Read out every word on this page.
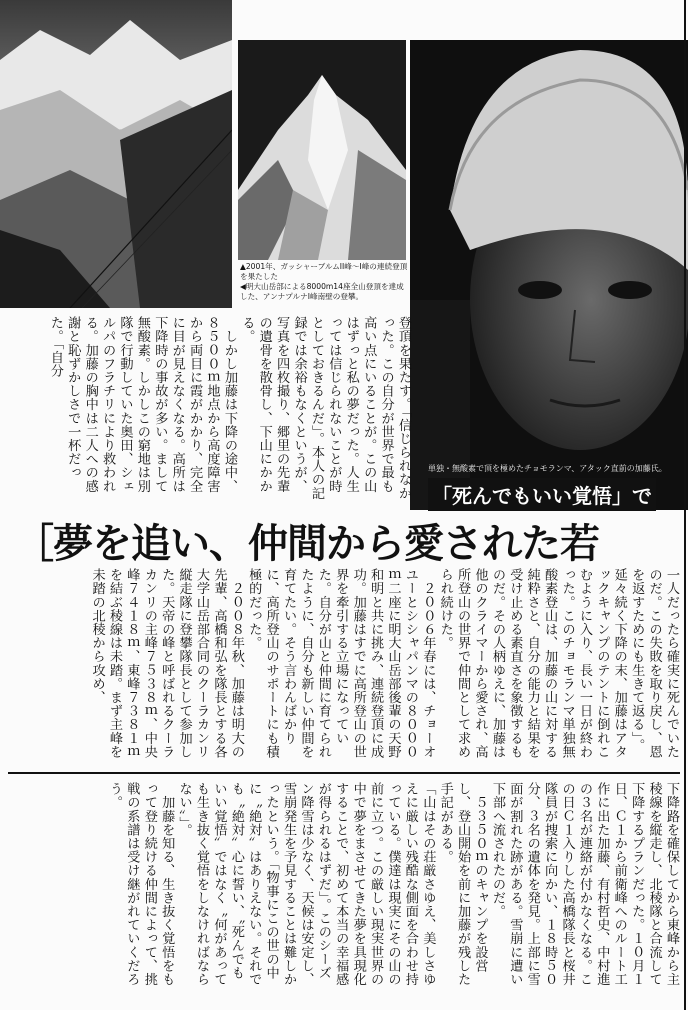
▲2001年、ガッシャーブルムII峰〜I峰の連続登頂を果たした
◀明大山岳部による8000m14座全山登頂を達成した、アンナプルナI峰南壁の登攀。
単独・無酸素で頂を極めたチョモランマ、アタック直前の加藤氏。
「死んでもいい覚悟」で
［夢を追い、仲間から愛された若
登頂を果たす。「信じられなかった。この自分が世界で最も高い点にいることが。この山はずっと私の夢だった。人生っては信じられないことが時としておきるんだ」。本人の記録では余裕もなくというが、写真を四枚撮り、郷里の先輩の遺骨を散骨し、下山にかかる。
　しかし加藤は下降の途中、８５００ｍ地点から高度障害から両目に霞がかかり、完全に目が見えなくなる。高所は下降時の事故が多い。まして無酸素。しかしこの窮地は別隊で行動していた奥田、シェルパのフラチリにより救われる。加藤の胸中は二人への感謝と恥ずかしさで一杯だった。「自分
一人だったら確実に死んでいたのだ。この失敗を取り戻し、恩を返すためにも生きて返る」。延々続く下降の末、加藤はアタックキャンプのテントに倒れこむように入り、長い一日が終わった。このチョモランマ単独無酸素登山は、加藤の山に対する純粋さと、自分の能力と結果を受け止める素直さを象徴するものだ。その人柄ゆえに、加藤は他のクライマーから愛され、高所登山の世界で仲間として求められ続けた。
　２００６年春には、チョーオユーとシシャパンマの８０００ｍ二座に明大山岳部後輩の天野和明と共に挑み、連続登頂に成功。加藤はすでに高所登山の世界を牽引する立場になっていた。自分が山と仲間に育てられたように、自分も新しい仲間を育てたい。そう言わんばかりに、高所登山のサポートにも積極的だった。
　２００８年秋、加藤は明大の先輩、高橋和弘を隊長とする各大学山岳部合同のクーラカンリ縦走隊に登攀隊長として参加した。天帝の峰と呼ばれるクーラカンリの主峰７５３８ｍ、中央峰７４１８ｍ、東峰７３８１ｍを結ぶ稜線は未踏。まず主峰を未踏の北稜から攻め、
下降路を確保してから東峰から主稜線を縦走し、北稜隊と合流して下降するプランだった。１０月１日、Ｃ１から前衛峰へのルート工作に出た加藤、有村哲史、中村進の３名が連絡が付かなくなる。この日Ｃ１入りした高橋隊長と桜井隊員が捜索に向かい、１８時５０分、３名の遺体を発見。上部に雪面が割れた跡がある。雪崩に遭い下部へ流されたのだ。
　５３５０ｍのキャンプを設営し、登山開始を前に加藤が残した手記がある。
「山はその荘厳さゆえ、美しさゆえに厳しい残酷な側面を合わせ持っている。僕達は現実にその山の前に立つ。この厳しい現実世界の中で夢をまさせてきた夢を具現化することで、初めて本当の幸福感が得られるはずだ」。このシーズン降雪は少なく、天候は安定し、雪崩発生を予見することは難しかったという。「物事にこの世の中に〝絶対〟はありえない。それでも〝絶対〟心に誓い、〝死んでもいい覚悟〟ではなく〝何があっても生き抜く覚悟をしなければならない〟」。
　加藤を知る、生き抜く覚悟をもって登り続ける仲間によって、挑戦の系譜は受け継がれていくだろう。
